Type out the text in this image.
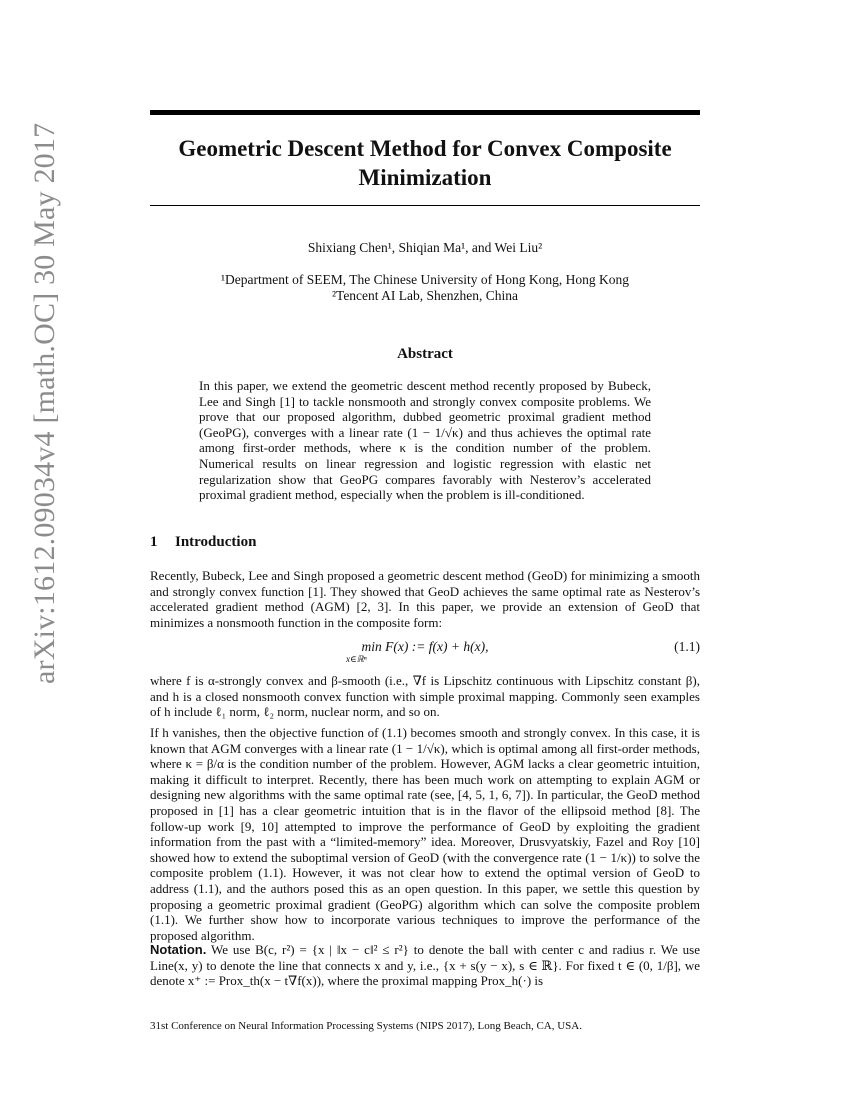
arXiv:1612.09034v4 [math.OC] 30 May 2017	Geometric Descent Method for Convex Composite
Minimization
Shixiang Chen¹, Shiqian Ma¹, and Wei Liu²
¹Department of SEEM, The Chinese University of Hong Kong, Hong Kong
²Tencent AI Lab, Shenzhen, China
Abstract
In this paper, we extend the geometric descent method recently proposed by Bubeck, Lee and Singh [1] to tackle nonsmooth and strongly convex composite problems. We prove that our proposed algorithm, dubbed geometric proximal gradient method (GeoPG), converges with a linear rate (1 − 1/√κ) and thus achieves the optimal rate among first-order methods, where κ is the condition number of the problem. Numerical results on linear regression and logistic regression with elastic net regularization show that GeoPG compares favorably with Nesterov’s accelerated proximal gradient method, especially when the problem is ill-conditioned.
1 Introduction
Recently, Bubeck, Lee and Singh proposed a geometric descent method (GeoD) for minimizing a smooth and strongly convex function [1]. They showed that GeoD achieves the same optimal rate as Nesterov’s accelerated gradient method (AGM) [2, 3]. In this paper, we provide an extension of GeoD that minimizes a nonsmooth function in the composite form:
min F(x) := f(x) + h(x),
x∈ℝⁿ
(1.1)
where f is α-strongly convex and β-smooth (i.e., ∇f is Lipschitz continuous with Lipschitz constant β), and h is a closed nonsmooth convex function with simple proximal mapping. Commonly seen examples of h include ℓ₁ norm, ℓ₂ norm, nuclear norm, and so on.
If h vanishes, then the objective function of (1.1) becomes smooth and strongly convex. In this case, it is known that AGM converges with a linear rate (1 − 1/√κ), which is optimal among all first-order methods, where κ = β/α is the condition number of the problem. However, AGM lacks a clear geometric intuition, making it difficult to interpret. Recently, there has been much work on attempting to explain AGM or designing new algorithms with the same optimal rate (see, [4, 5, 1, 6, 7]). In particular, the GeoD method proposed in [1] has a clear geometric intuition that is in the flavor of the ellipsoid method [8]. The follow-up work [9, 10] attempted to improve the performance of GeoD by exploiting the gradient information from the past with a “limited-memory” idea. Moreover, Drusvyatskiy, Fazel and Roy [10] showed how to extend the suboptimal version of GeoD (with the convergence rate (1 − 1/κ)) to solve the composite problem (1.1). However, it was not clear how to extend the optimal version of GeoD to address (1.1), and the authors posed this as an open question. In this paper, we settle this question by proposing a geometric proximal gradient (GeoPG) algorithm which can solve the composite problem (1.1). We further show how to incorporate various techniques to improve the performance of the proposed algorithm.
Notation. We use B(c, r²) = {x | ‖x − c‖² ≤ r²} to denote the ball with center c and radius r. We use Line(x, y) to denote the line that connects x and y, i.e., {x + s(y − x), s ∈ ℝ}. For fixed t ∈ (0, 1/β], we denote x⁺ := Prox_th(x − t∇f(x)), where the proximal mapping Prox_h(·) is
31st Conference on Neural Information Processing Systems (NIPS 2017), Long Beach, CA, USA.
